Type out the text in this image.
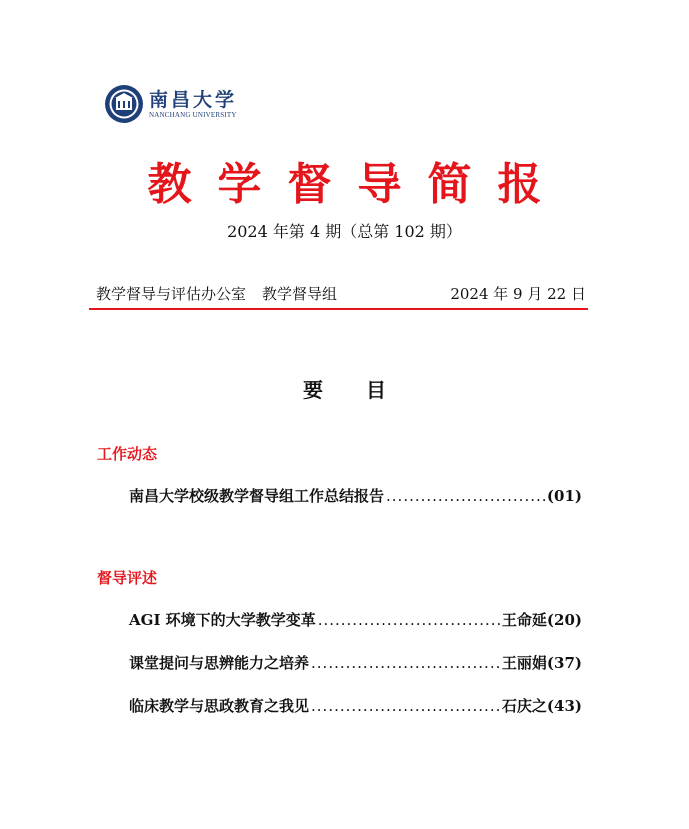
南昌大学
NANCHANG UNIVERSITY
教学督导简报
2024 年第 4 期（总第 102 期）
教学督导与评估办公室 教学督导组	2024 年 9 月 22 日
要 目
工作动态
南昌大学校级教学督导组工作总结报告 .....	(01)
督导评述
AGI 环境下的大学教学变革 .....	王命延(20)
课堂提问与思辨能力之培养 .....	王丽娟(37)
临床教学与思政教育之我见 .....	石庆之(43)
